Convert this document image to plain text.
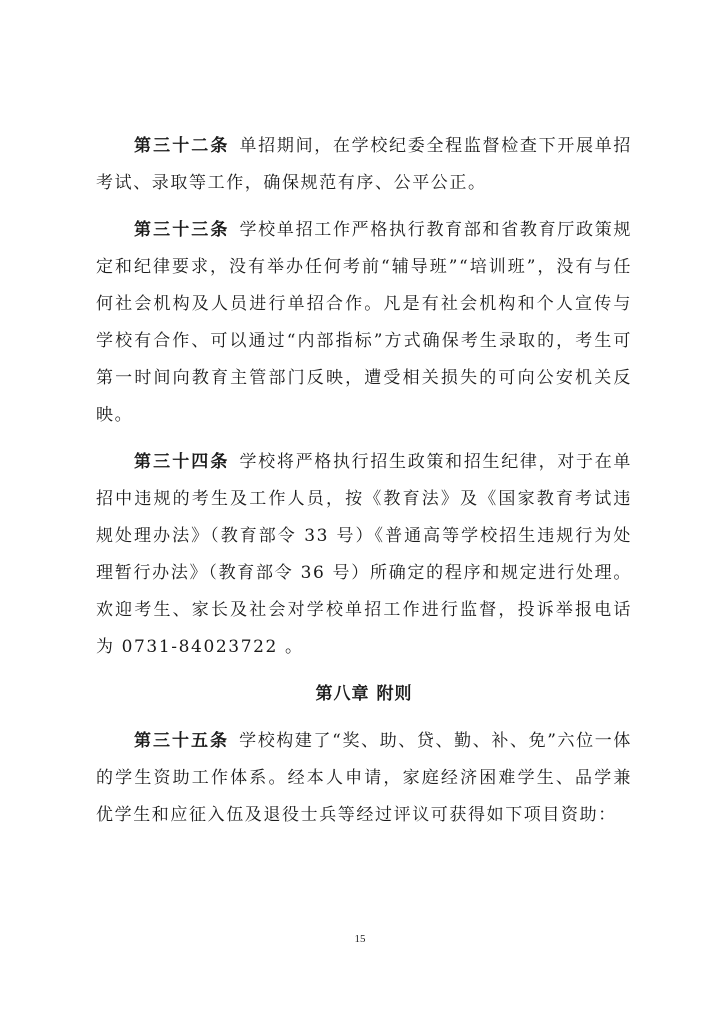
第三十二条 单招期间，在学校纪委全程监督检查下开展单招考试、录取等工作，确保规范有序、公平公正。

第三十三条 学校单招工作严格执行教育部和省教育厅政策规定和纪律要求，没有举办任何考前“辅导班”“培训班”，没有与任何社会机构及人员进行单招合作。凡是有社会机构和个人宣传与学校有合作、可以通过“内部指标”方式确保考生录取的，考生可第一时间向教育主管部门反映，遭受相关损失的可向公安机关反映。

第三十四条 学校将严格执行招生政策和招生纪律，对于在单招中违规的考生及工作人员，按《教育法》及《国家教育考试违规处理办法》（教育部令 33 号）《普通高等学校招生违规行为处理暂行办法》（教育部令 36 号）所确定的程序和规定进行处理。欢迎考生、家长及社会对学校单招工作进行监督，投诉举报电话为 0731-84023722 。

第八章 附则

第三十五条 学校构建了“奖、助、贷、勤、补、免”六位一体的学生资助工作体系。经本人申请，家庭经济困难学生、品学兼优学生和应征入伍及退役士兵等经过评议可获得如下项目资助：

15
